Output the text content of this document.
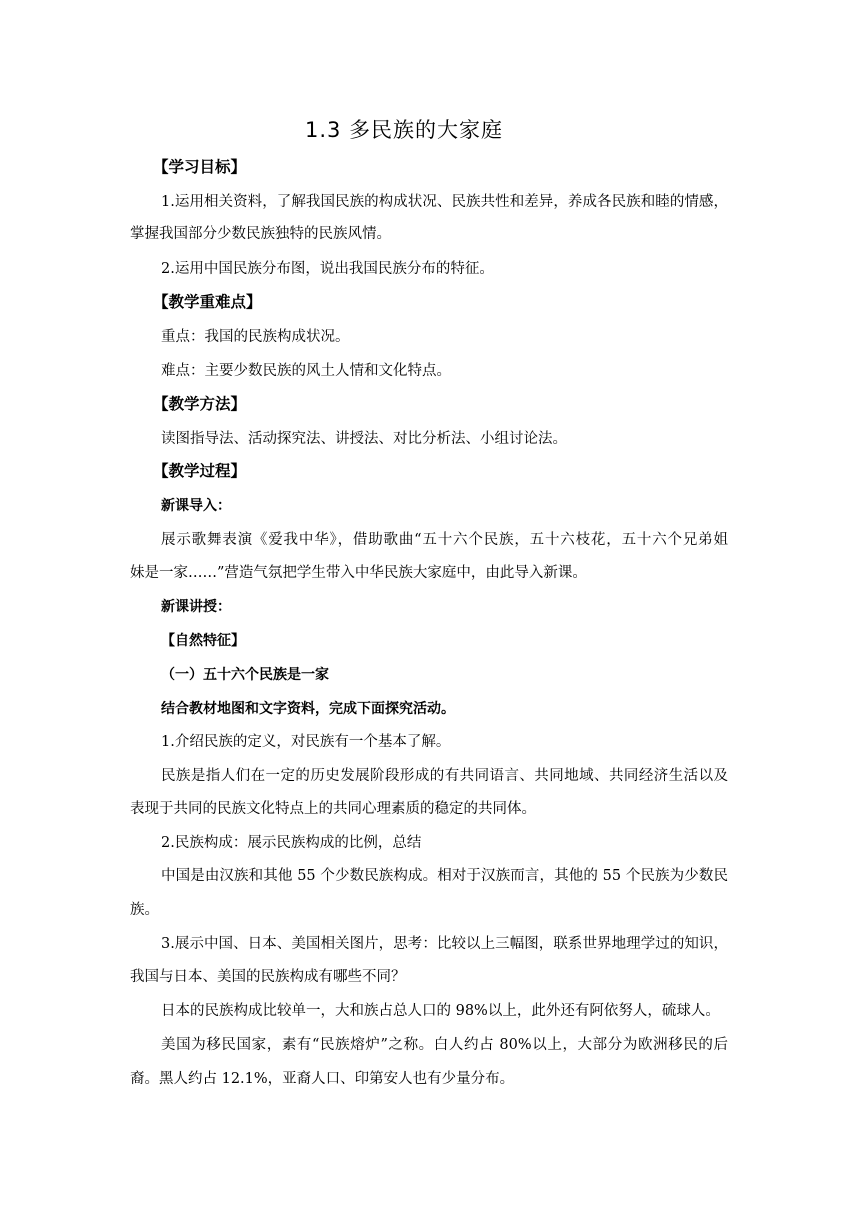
1.3 多民族的大家庭
【学习目标】
1.运用相关资料，了解我国民族的构成状况、民族共性和差异，养成各民族和睦的情感，
掌握我国部分少数民族独特的民族风情。
2.运用中国民族分布图，说出我国民族分布的特征。
【教学重难点】
重点：我国的民族构成状况。
难点：主要少数民族的风土人情和文化特点。
【教学方法】
读图指导法、活动探究法、讲授法、对比分析法、小组讨论法。
【教学过程】
新课导入：
展示歌舞表演《爱我中华》，借助歌曲“五十六个民族，五十六枝花，五十六个兄弟姐
妹是一家……”营造气氛把学生带入中华民族大家庭中，由此导入新课。
新课讲授：
【自然特征】
（一）五十六个民族是一家
结合教材地图和文字资料，完成下面探究活动。
1.介绍民族的定义，对民族有一个基本了解。
民族是指人们在一定的历史发展阶段形成的有共同语言、共同地域、共同经济生活以及
表现于共同的民族文化特点上的共同心理素质的稳定的共同体。
2.民族构成：展示民族构成的比例，总结
中国是由汉族和其他 55 个少数民族构成。相对于汉族而言，其他的 55 个民族为少数民
族。
3.展示中国、日本、美国相关图片，思考：比较以上三幅图，联系世界地理学过的知识，
我国与日本、美国的民族构成有哪些不同？
日本的民族构成比较单一，大和族占总人口的 98%以上，此外还有阿依努人，硫球人。
美国为移民国家，素有“民族熔炉”之称。白人约占 80%以上，大部分为欧洲移民的后
裔。黑人约占 12.1%，亚裔人口、印第安人也有少量分布。
